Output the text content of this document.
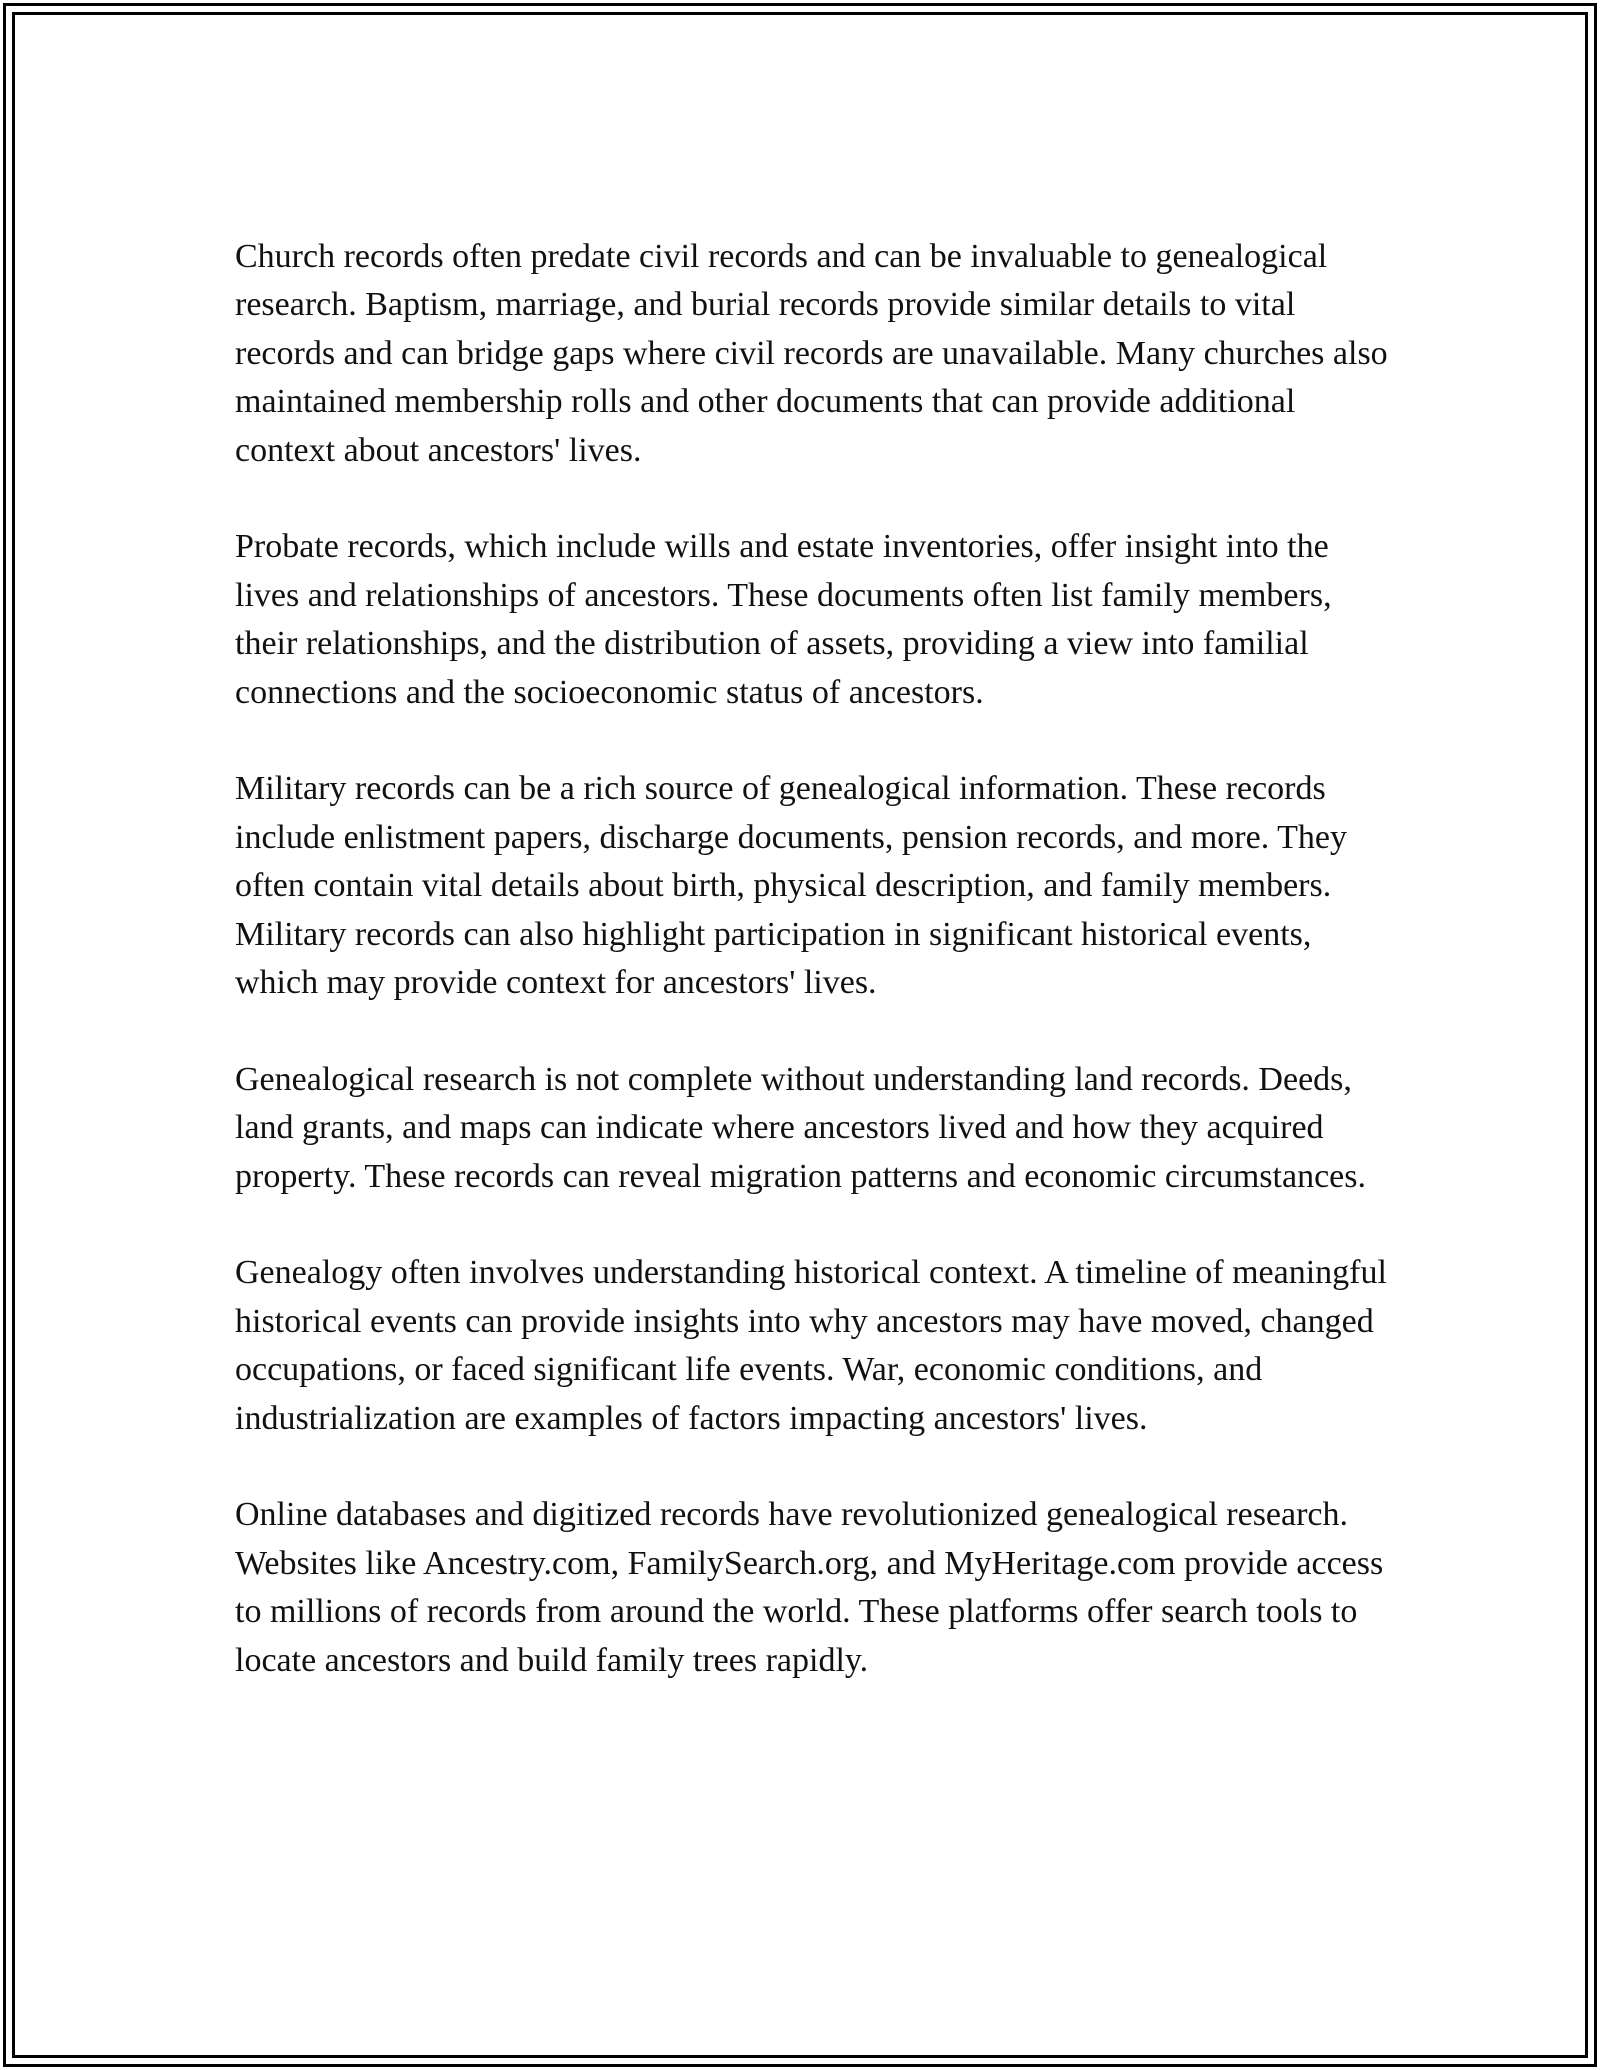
Church records often predate civil records and can be invaluable to genealogical research. Baptism, marriage, and burial records provide similar details to vital records and can bridge gaps where civil records are unavailable. Many churches also maintained membership rolls and other documents that can provide additional context about ancestors' lives.

Probate records, which include wills and estate inventories, offer insight into the lives and relationships of ancestors. These documents often list family members, their relationships, and the distribution of assets, providing a view into familial connections and the socioeconomic status of ancestors.

Military records can be a rich source of genealogical information. These records include enlistment papers, discharge documents, pension records, and more. They often contain vital details about birth, physical description, and family members. Military records can also highlight participation in significant historical events, which may provide context for ancestors' lives.

Genealogical research is not complete without understanding land records. Deeds, land grants, and maps can indicate where ancestors lived and how they acquired property. These records can reveal migration patterns and economic circumstances.

Genealogy often involves understanding historical context. A timeline of meaningful historical events can provide insights into why ancestors may have moved, changed occupations, or faced significant life events. War, economic conditions, and industrialization are examples of factors impacting ancestors' lives.

Online databases and digitized records have revolutionized genealogical research. Websites like Ancestry.com, FamilySearch.org, and MyHeritage.com provide access to millions of records from around the world. These platforms offer search tools to locate ancestors and build family trees rapidly.
